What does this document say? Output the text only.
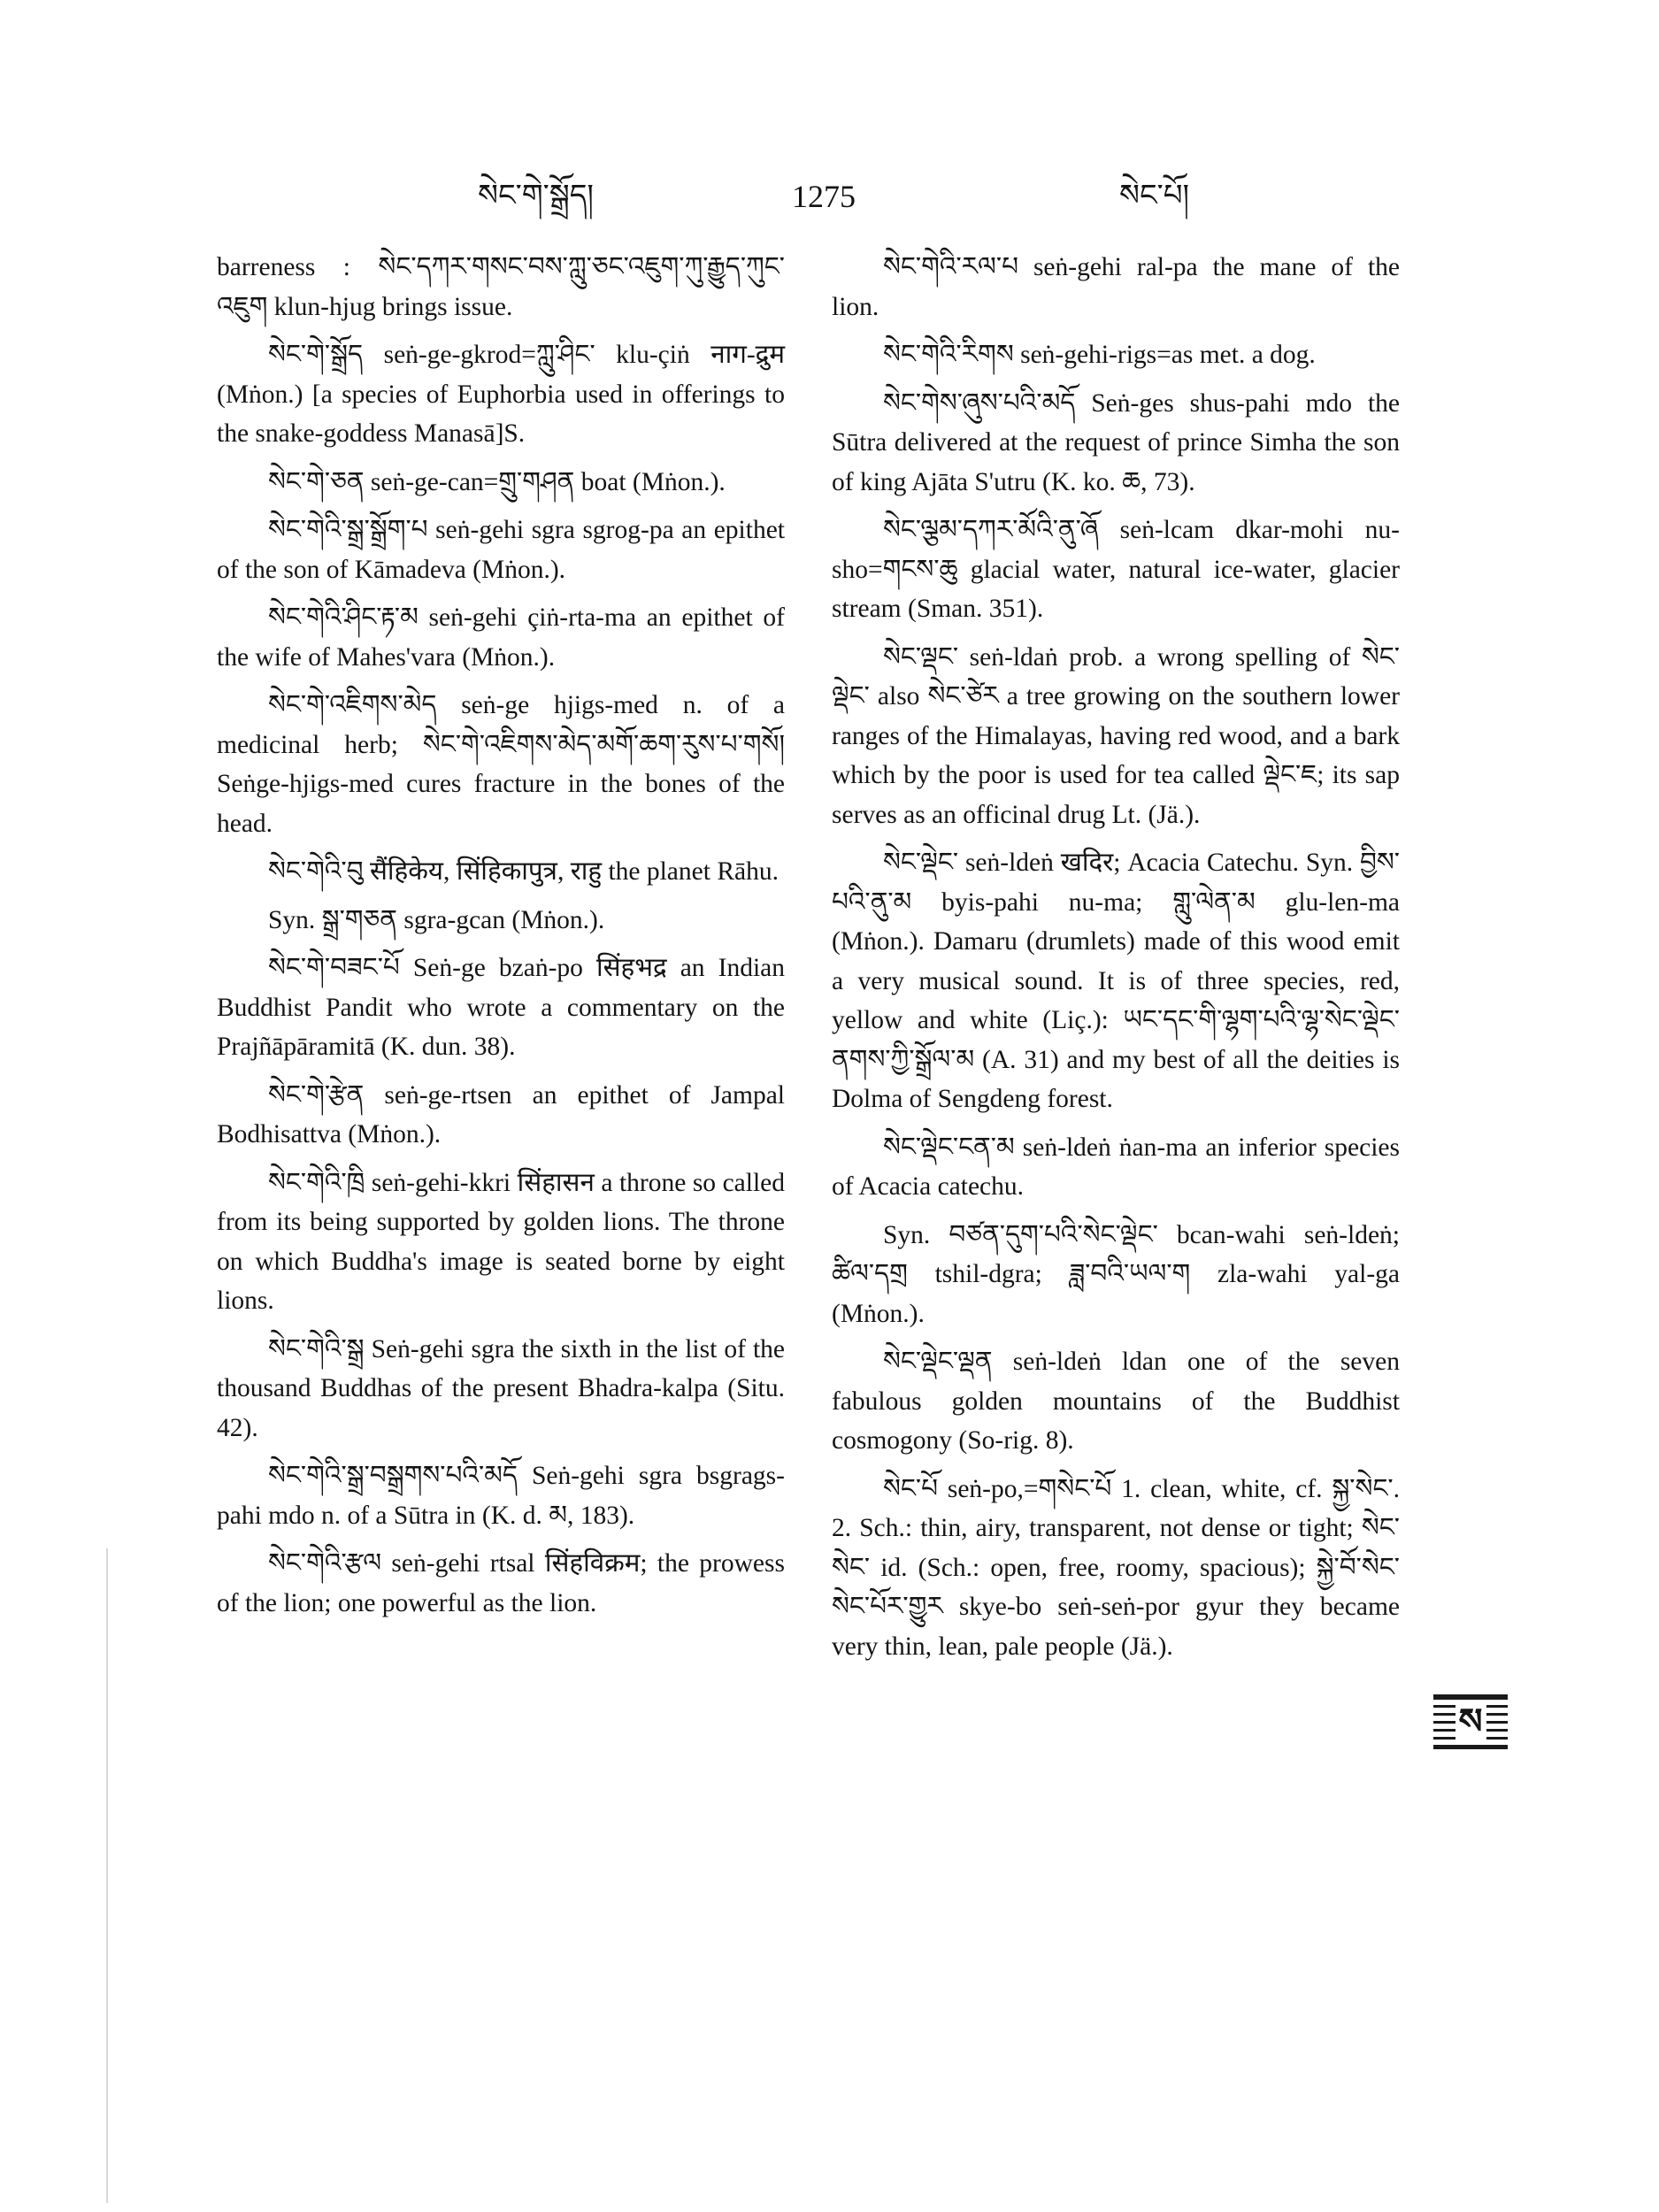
སེང་གེ་སྒྲོད།	1275	སེང་པོ།

barreness : སེང་དཀར་གསང་བས་ཀླུ་ཅང་འཇུག་ཀུ་རྒྱུད་ཀུང་འཇུག klun-hjug brings issue.

སེང་གེ་སྒྲོད seṅ-ge-gkrod=ཀླུ་ཤིང་ klu-çiṅ नाग-द्रुम (Mṅon.) [a species of Euphorbia used in offerings to the snake-goddess Manasā]S.

སེང་གེ་ཅན seṅ-ge-can=གྲུ་གཤན boat (Mṅon.).

སེང་གེའི་སྒྲ་སྒྲོག་པ seṅ-gehi sgra sgrog-pa an epithet of the son of Kāmadeva (Mṅon.).

སེང་གེའི་ཤིང་རྟ་མ seṅ-gehi çiṅ-rta-ma an epithet of the wife of Mahes'vara (Mṅon.).

སེང་གེ་འཇིགས་མེད seṅ-ge hjigs-med n. of a medicinal herb; སེང་གེ་འཇིགས་མེད་མགོ་ཆག་རུས་པ་གསོ། Seṅge-hjigs-med cures fracture in the bones of the head.

སེང་གེའི་བུ सैंहिकेय, सिंहिकापुत्र, राहु the planet Rāhu.

Syn. སྒྲ་གཅན sgra-gcan (Mṅon.).

སེང་གེ་བཟང་པོ Seṅ-ge bzaṅ-po सिंहभद्र an Indian Buddhist Pandit who wrote a commentary on the Prajñāpāramitā (K. dun. 38).

སེང་གེ་རྩེན seṅ-ge-rtsen an epithet of Jampal Bodhisattva (Mṅon.).

སེང་གེའི་ཁྲི seṅ-gehi-kkri सिंहासन a throne so called from its being supported by golden lions. The throne on which Buddha's image is seated borne by eight lions.

སེང་གེའི་སྒྲ Seṅ-gehi sgra the sixth in the list of the thousand Buddhas of the present Bhadra-kalpa (Situ. 42).

སེང་གེའི་སྒྲ་བསྒྲགས་པའི་མདོ Seṅ-gehi sgra bsgrags-pahi mdo n. of a Sūtra in (K. d. མ, 183).

སེང་གེའི་རྩལ seṅ-gehi rtsal सिंहविक्रम; the prowess of the lion; one powerful as the lion.

སེང་གེའི་རལ་པ seṅ-gehi ral-pa the mane of the lion.

སེང་གེའི་རིགས seṅ-gehi-rigs=as met. a dog.

སེང་གེས་ཞུས་པའི་མདོ Seṅ-ges shus-pahi mdo the Sūtra delivered at the request of prince Simha the son of king Ajāta S'utru (K. ko. ཆ, 73).

སེང་ལྕམ་དཀར་མོའི་ནུ་ཞོ seṅ-lcam dkar-mohi nu-sho=གངས་ཆུ glacial water, natural ice-water, glacier stream (Sman. 351).

སེང་ལྡང་ seṅ-ldaṅ prob. a wrong spelling of སེང་ལྡེང་ also སེང་ཙེར a tree growing on the southern lower ranges of the Himalayas, having red wood, and a bark which by the poor is used for tea called ལྡེང་ཇ; its sap serves as an officinal drug Lt. (Jä.).

སེང་ལྡེང་ seṅ-ldeṅ खदिर; Acacia Catechu. Syn. བྱིས་པའི་ནུ་མ byis-pahi nu-ma; གླུ་ལེན་མ glu-len-ma (Mṅon.). Damaru (drumlets) made of this wood emit a very musical sound. It is of three species, red, yellow and white (Liç.): ཡང་དང་གི་ལྷག་པའི་ལྷ་སེང་ལྡེང་ནགས་ཀྱི་སྒྲོལ་མ (A. 31) and my best of all the deities is Dolma of Sengdeng forest.

སེང་ལྡེང་ངན་མ seṅ-ldeṅ ṅan-ma an inferior species of Acacia catechu.

Syn. བཙན་དུག་པའི་སེང་ལྡེང་ bcan-wahi seṅ-ldeṅ; ཚིལ་དགྲ tshil-dgra; ཟླ་བའི་ཡལ་ག zla-wahi yal-ga (Mṅon.).

སེང་ལྡེང་ལྡན seṅ-ldeṅ ldan one of the seven fabulous golden mountains of the Buddhist cosmogony (So-rig. 8).

སེང་པོ seṅ-po,=གསེང་པོ 1. clean, white, cf. སྐྱ་སེང་. 2. Sch.: thin, airy, transparent, not dense or tight; སེང་སེང་ id. (Sch.: open, free, roomy, spacious); སྐྱེ་བོ་སེང་སེང་པོར་གྱུར skye-bo seṅ-seṅ-por gyur they became very thin, lean, pale people (Jä.).

ས
